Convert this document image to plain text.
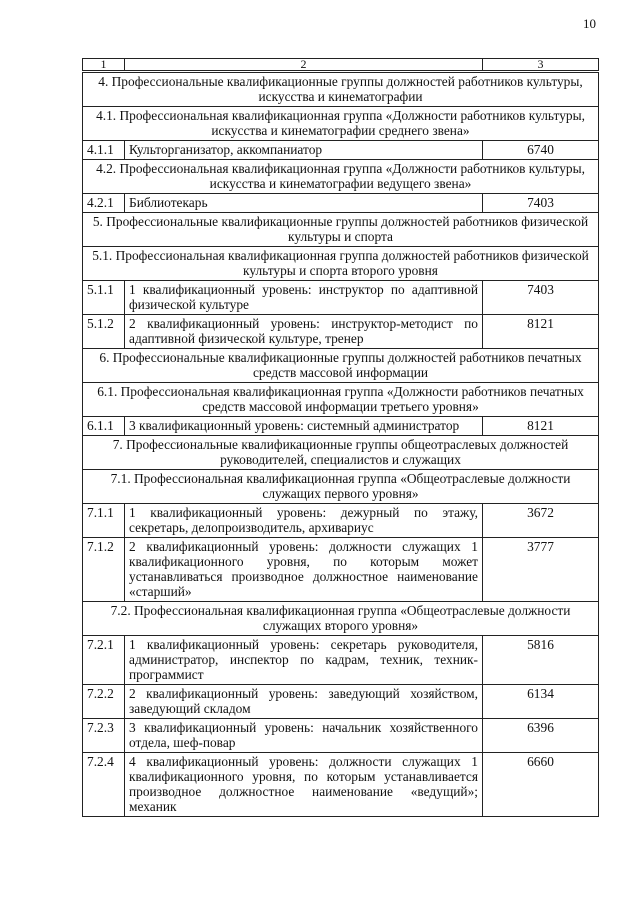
10
1	2	3
4. Профессиональные квалификационные группы должностей работников культуры, искусства и кинематографии		
4.1. Профессиональная квалификационная группа «Должности работников культуры, искусства и кинематографии среднего звена»		
4.1.1	Культорганизатор, аккомпаниатор	6740
4.2. Профессиональная квалификационная группа «Должности работников культуры, искусства и кинематографии ведущего звена»		
4.2.1	Библиотекарь	7403
5. Профессиональные квалификационные группы должностей работников физической культуры и спорта		
5.1. Профессиональная квалификационная группа должностей работников физической культуры и спорта второго уровня		
5.1.1	1 квалификационный уровень: инструктор по адаптивной физической культуре	7403
5.1.2	2 квалификационный уровень: инструктор-методист по адаптивной физической культуре, тренер	8121
6. Профессиональные квалификационные группы должностей работников печатных средств массовой информации		
6.1. Профессиональная квалификационная группа «Должности работников печатных средств массовой информации третьего уровня»		
6.1.1	3 квалификационный уровень: системный администратор	8121
7. Профессиональные квалификационные группы общеотраслевых должностей руководителей, специалистов и служащих		
7.1. Профессиональная квалификационная группа «Общеотраслевые должности служащих первого уровня»		
7.1.1	1 квалификационный уровень: дежурный по этажу, секретарь, делопроизводитель, архивариус	3672
7.1.2	2 квалификационный уровень: должности служащих 1 квалификационного уровня, по которым может устанавливаться производное должностное наименование «старший»	3777
7.2. Профессиональная квалификационная группа «Общеотраслевые должности служащих второго уровня»		
7.2.1	1 квалификационный уровень: секретарь руководителя, администратор, инспектор по кадрам, техник, техник-программист	5816
7.2.2	2 квалификационный уровень: заведующий хозяйством, заведующий складом	6134
7.2.3	3 квалификационный уровень: начальник хозяйственного отдела, шеф-повар	6396
7.2.4	4 квалификационный уровень: должности служащих 1 квалификационного уровня, по которым устанавливается производное должностное наименование «ведущий»; механик	6660
